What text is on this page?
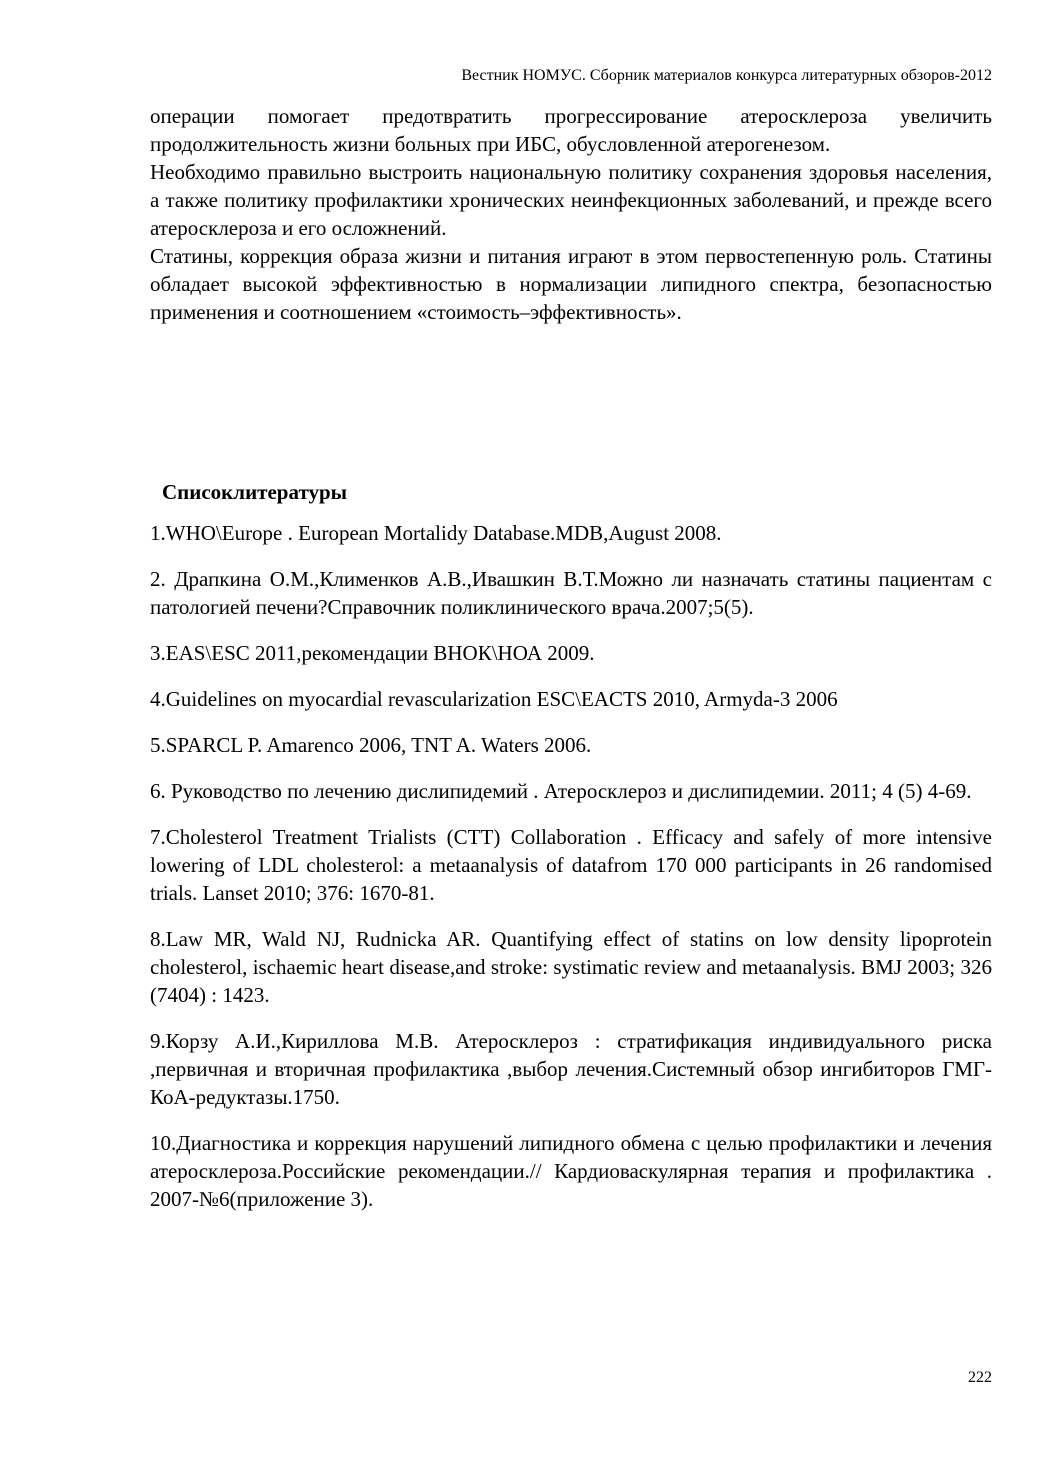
Вестник НОМУС. Сборник материалов конкурса литературных обзоров-2012

операции помогает предотвратить прогрессирование атеросклероза увеличить продолжительность жизни больных при ИБС, обусловленной атерогенезом.

Необходимо правильно выстроить национальную политику сохранения здоровья населения, а также политику профилактики хронических неинфекционных заболеваний, и прежде всего атеросклероза и его осложнений.

Статины, коррекция образа жизни и питания играют в этом первостепенную роль. Статины обладает высокой эффективностью в нормализации липидного спектра, безопасностью применения и соотношением «стоимость–эффективность».

Списоклитературы
1.WHO\Europe . European Mortalidy Database.MDB,August 2008.
2. Драпкина О.М.,Клименков А.В.,Ивашкин В.Т.Можно ли назначать статины пациентам с патологией печени?Справочник поликлинического врача.2007;5(5).
3.EAS\ESC 2011,рекомендации ВНОК\НОА 2009.
4.Guidelines on myocardial revascularization ESC\EACTS 2010, Armyda-3 2006
5.SPARCL P. Amarenco 2006, TNT A. Waters 2006.
6. Руководство по лечению дислипидемий . Атеросклероз и дислипидемии. 2011; 4 (5) 4-69.
7.Cholesterol Treatment Trialists (CTT) Collaboration . Efficacy and safely of more intensive lowering of LDL cholesterol: a metaanalysis of datafrom 170 000 participants in 26 randomised trials. Lanset 2010; 376: 1670-81.
8.Law MR, Wald NJ, Rudnicka AR. Quantifying effect of statins on low density lipoprotein cholesterol, ischaemic heart disease,and stroke: systimatic review and metaanalysis. BMJ 2003; 326 (7404) : 1423.
9.Корзу А.И.,Кириллова М.В. Атеросклероз : стратификация индивидуального риска ,первичная и вторичная профилактика ,выбор лечения.Системный обзор ингибиторов ГМГ-КоА-редуктазы.1750.
10.Диагностика и коррекция нарушений липидного обмена с целью профилактики и лечения атеросклероза.Российские рекомендации.// Кардиоваскулярная терапия и профилактика . 2007-№6(приложение 3).
222
